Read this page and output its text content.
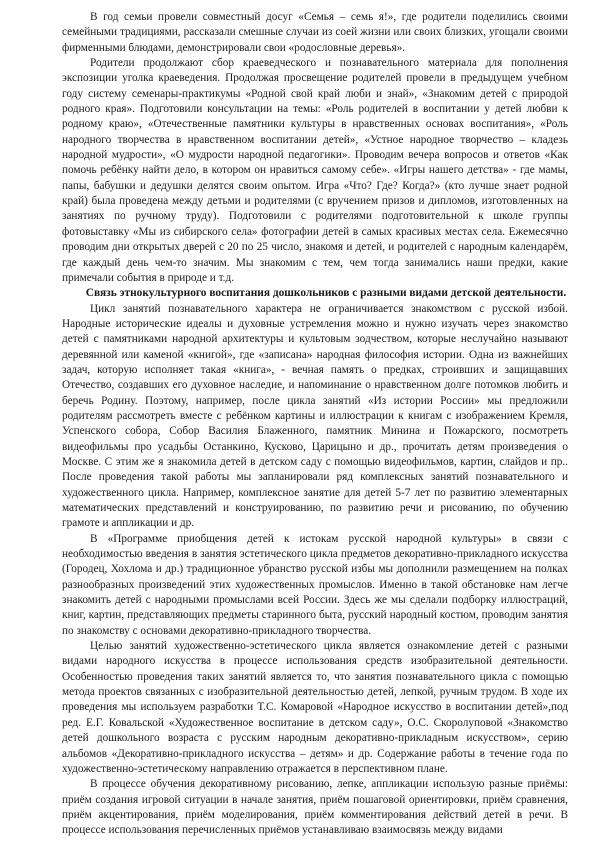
В год семьи провели совместный досуг «Семья – семь я!», где родители поделились своими семейными традициями, рассказали смешные случаи из соей жизни или своих близких, угощали своими фирменными блюдами, демонстрировали свои «родословные деревья».

Родители продолжают сбор краеведческого и познавательного материала для пополнения экспозиции уголка краеведения. Продолжая просвещение родителей провели в предыдущем учебном году систему семенары-практикумы «Родной свой край люби и знай», «Знакомим детей с природой родного края». Подготовили консультации на темы: «Роль родителей в воспитании у детей любви к родному краю», «Отечественные памятники культуры в нравственных основах воспитания», «Роль народного творчества в нравственном воспитании детей», «Устное народное творчество – кладезь народной мудрости», «О мудрости народной педагогики». Проводим вечера вопросов и ответов «Как помочь ребёнку найти дело, в котором он нравиться самому себе». «Игры нашего детства» - где мамы, папы, бабушки и дедушки делятся своим опытом. Игра «Что? Где? Когда?» (кто лучше знает родной край) была проведена между детьми и родителями (с вручением призов и дипломов, изготовленных на занятиях по ручному труду). Подготовили с родителями подготовительной к школе группы фотовыставку «Мы из сибирского села» фотографии детей в самых красивых местах села. Ежемесячно проводим дни открытых дверей с 20 по 25 число, знакомя и детей, и родителей с народным календарём, где каждый день чем-то значим. Мы знакомим с тем, чем тогда занимались наши предки, какие примечали события в природе и т.д.

Связь этнокультурного воспитания дошкольников с разными видами детской деятельности.

Цикл занятий познавательного характера не ограничивается знакомством с русской избой. Народные исторические идеалы и духовные устремления можно и нужно изучать через знакомство детей с памятниками народной архитектуры и культовым зодчеством, которые неслучайно называют деревянной или каменой «книгой», где «записана» народная философия истории. Одна из важнейших задач, которую исполняет такая «книга», - вечная память о предках, строивших и защищавших Отечество, создавших его духовное наследие, и напоминание о нравственном долге потомков любить и беречь Родину. Поэтому, например, после цикла занятий «Из истории России» мы предложили родителям рассмотреть вместе с ребёнком картины и иллюстрации к книгам с изображением Кремля, Успенского собора, Собор Василия Блаженного, памятник Минина и Пожарского, посмотреть видеофильмы про усадьбы Останкино, Кусково, Царицыно и др., прочитать детям произведения о Москве. С этим же я знакомила детей в детском саду с помощью видеофильмов, картин, слайдов и пр.. После проведения такой работы мы запланировали ряд комплексных занятий познавательного и художественного цикла. Например, комплексное занятие для детей 5-7 лет по развитию элементарных математических представлений и конструированию, по развитию речи и рисованию, по обучению грамоте и аппликации и др.

В «Программе приобщения детей к истокам русской народной культуры» в связи с необходимостью введения в занятия эстетического цикла предметов декоративно-прикладного искусства (Городец, Хохлома и др.) традиционное убранство русской избы мы дополнили размещением на полках разнообразных произведений этих художественных промыслов. Именно в такой обстановке нам легче знакомить детей с народными промыслами всей России. Здесь же мы сделали подборку иллюстраций, книг, картин, представляющих предметы старинного быта, русский народный костюм, проводим занятия по знакомству с основами декоративно-прикладного творчества.

Целью занятий художественно-эстетического цикла является ознакомление детей с разными видами народного искусства в процессе использования средств изобразительной деятельности. Особенностью проведения таких занятий является то, что занятия познавательного цикла с помощью метода проектов связанных с изобразительной деятельностью детей, лепкой, ручным трудом. В ходе их проведения мы используем разработки Т.С. Комаровой «Народное искусство в воспитании детей»,под ред. Е.Г. Ковальской «Художественное воспитание в детском саду», О.С. Скоролуповой «Знакомство детей дошкольного возраста с русским народным декоративно-прикладным искусством», серию альбомов «Декоративно-прикладного искусства – детям» и др. Содержание работы в течение года по художественно-эстетическому направлению отражается в перспективном плане.

В процессе обучения декоративному рисованию, лепке, аппликации использую разные приёмы: приём создания игровой ситуации в начале занятия, приём пошаговой ориентировки, приём сравнения, приём акцентирования, приём моделирования, приём комментирования действий детей в речи. В процессе использования перечисленных приёмов устанавливаю взаимосвязь между видами
